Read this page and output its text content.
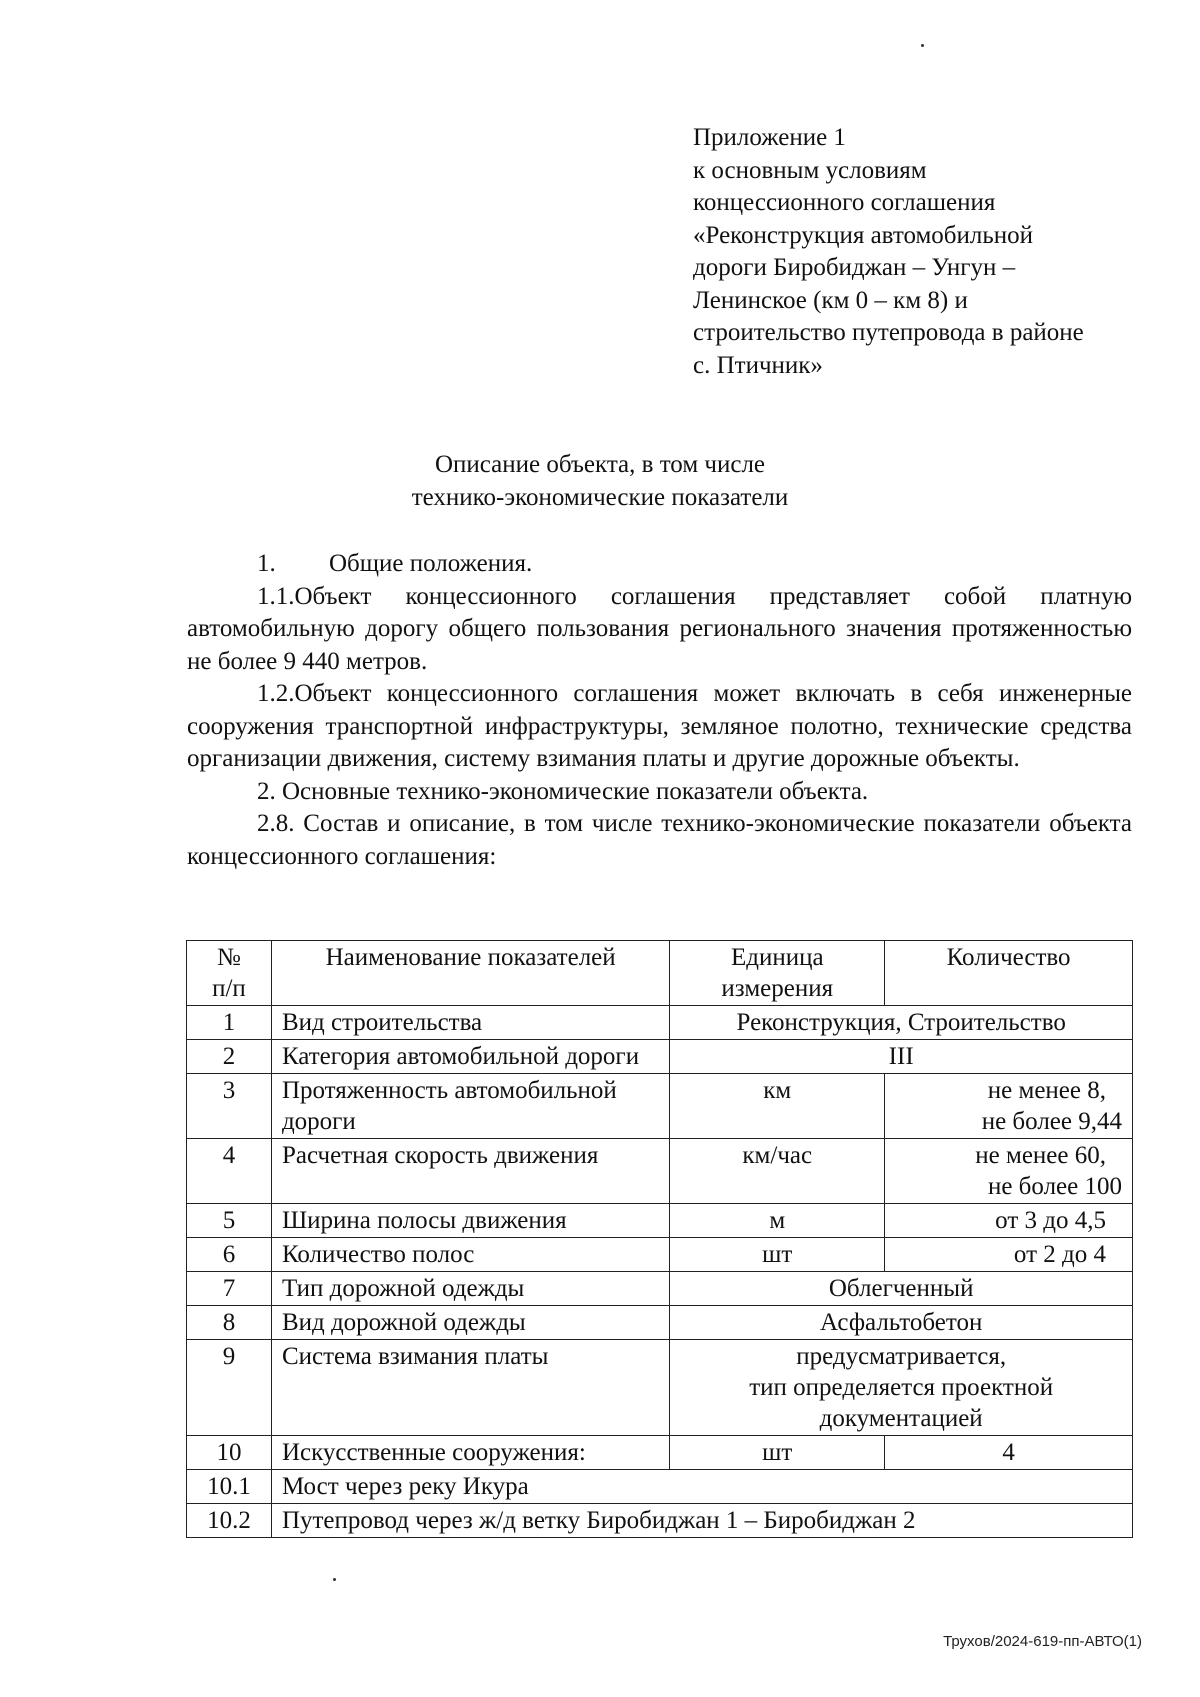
Приложение 1
к основным условиям
концессионного соглашения
«Реконструкция автомобильной
дороги Биробиджан – Унгун –
Ленинское (км 0 – км 8) и
строительство путепровода в районе
с. Птичник»
Описание объекта, в том числе
технико-экономические показатели

1. Общие положения.

1.1.Объект концессионного соглашения представляет собой платную автомобильную дорогу общего пользования регионального значения протяженностью не более 9 440 метров.

1.2.Объект концессионного соглашения может включать в себя инженерные сооружения транспортной инфраструктуры, земляное полотно, технические средства организации движения, систему взимания платы и другие дорожные объекты.

2. Основные технико-экономические показатели объекта.

2.8. Состав и описание, в том числе технико-экономические показатели объекта концессионного соглашения:

№ п/п	Наименование показателей	Единица измерения	Количество
1	Вид строительства	Реконструкция, Строительство	
2	Категория автомобильной дороги	III	
3	Протяженность автомобильной дороги	км	не менее 8,
не более 9,44

4	Расчетная скорость движения	км/час	не менее 60,
не более 100

5	Ширина полосы движения	м	от 3 до 4,5
6	Количество полос	шт	от 2 до 4
7	Тип дорожной одежды	Облегченный	
8	Вид дорожной одежды	Асфальтобетон	
9	Система взимания платы	предусматривается,
тип определяется проектной документацией	

10	Искусственные сооружения:	шт	4
10.1	Мост через реку Икура		
10.2	Путепровод через ж/д ветку Биробиджан 1 – Биробиджан 2		
Трухов/2024-619-пп-АВТО(1)
